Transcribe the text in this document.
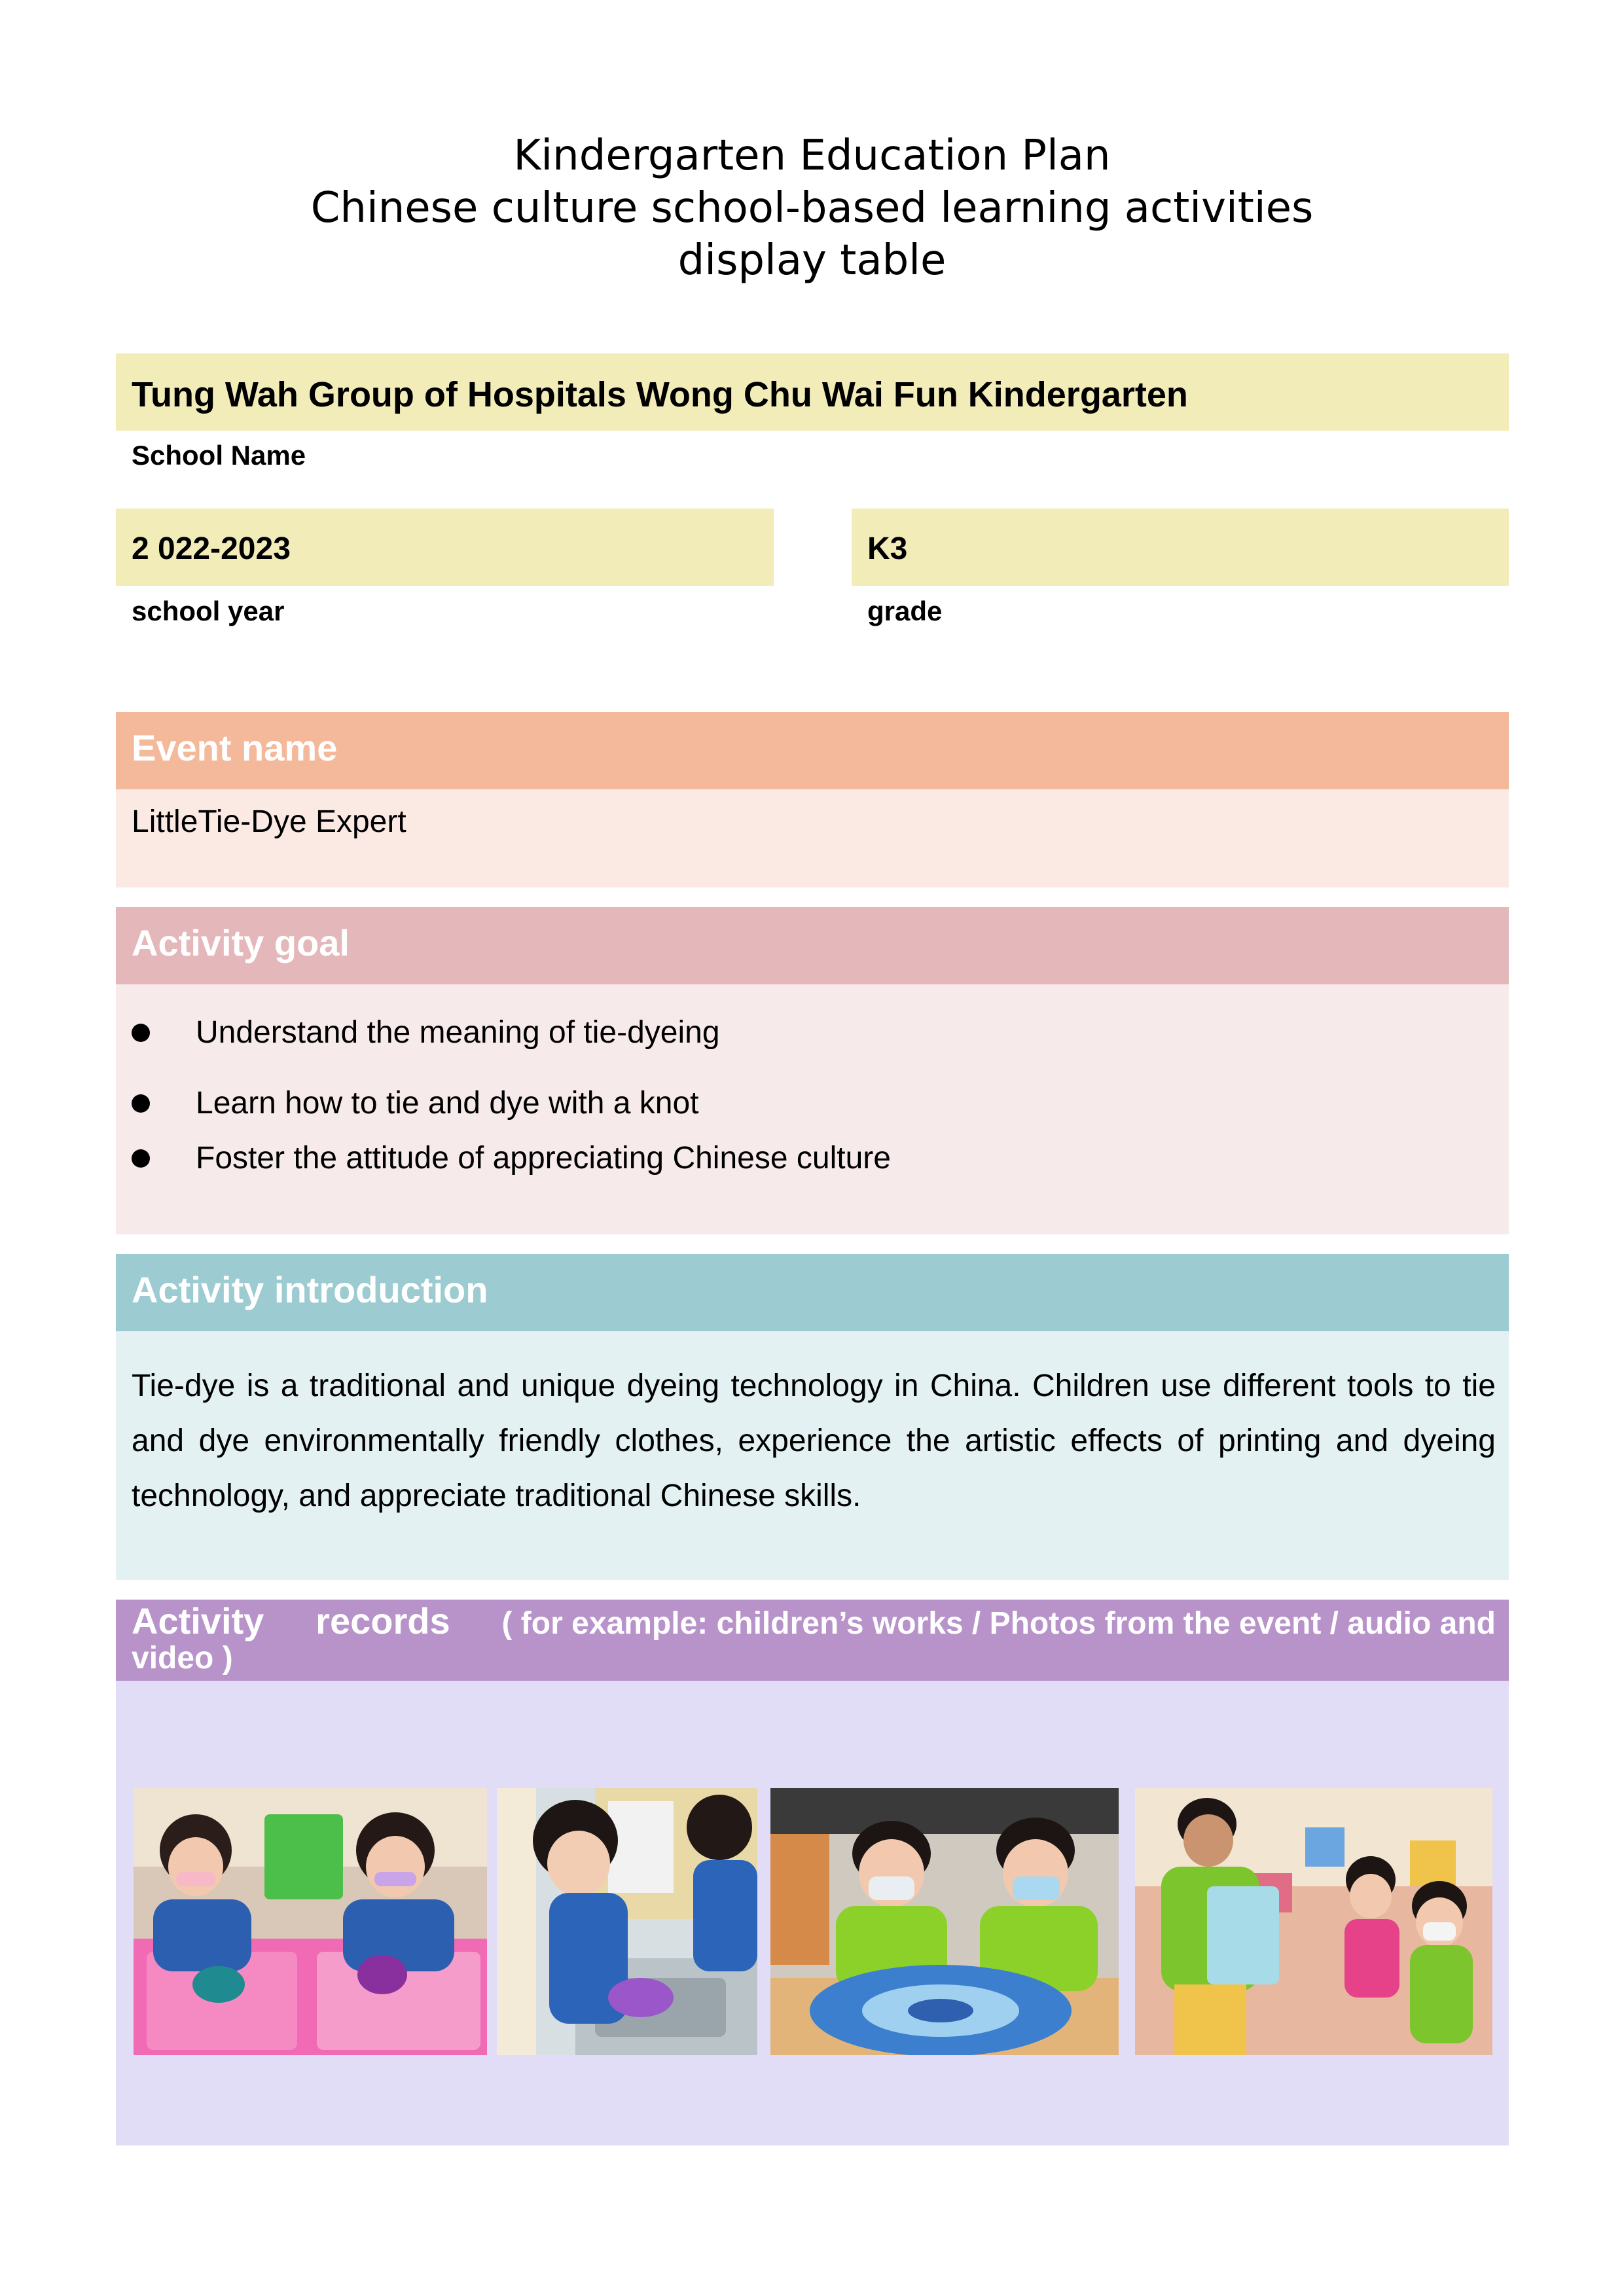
Kindergarten Education Plan
Chinese culture school-based learning activities
display table
Tung Wah Group of Hospitals Wong Chu Wai Fun Kindergarten
School Name
2 022-2023
school year
K3
grade
Event name
LittleTie-Dye Expert
Activity goal
Understand the meaning of tie-dyeing
Learn how to tie and dye with a knot
Foster the attitude of appreciating Chinese culture
Activity introduction
Tie-dye is a traditional and unique dyeing technology in China. Children use different tools to tie and dye environmentally friendly clothes, experience the artistic effects of printing and dyeing technology, and appreciate traditional Chinese skills.
Activity records ( for example: children’s works / Photos from the event / audio and
video )
